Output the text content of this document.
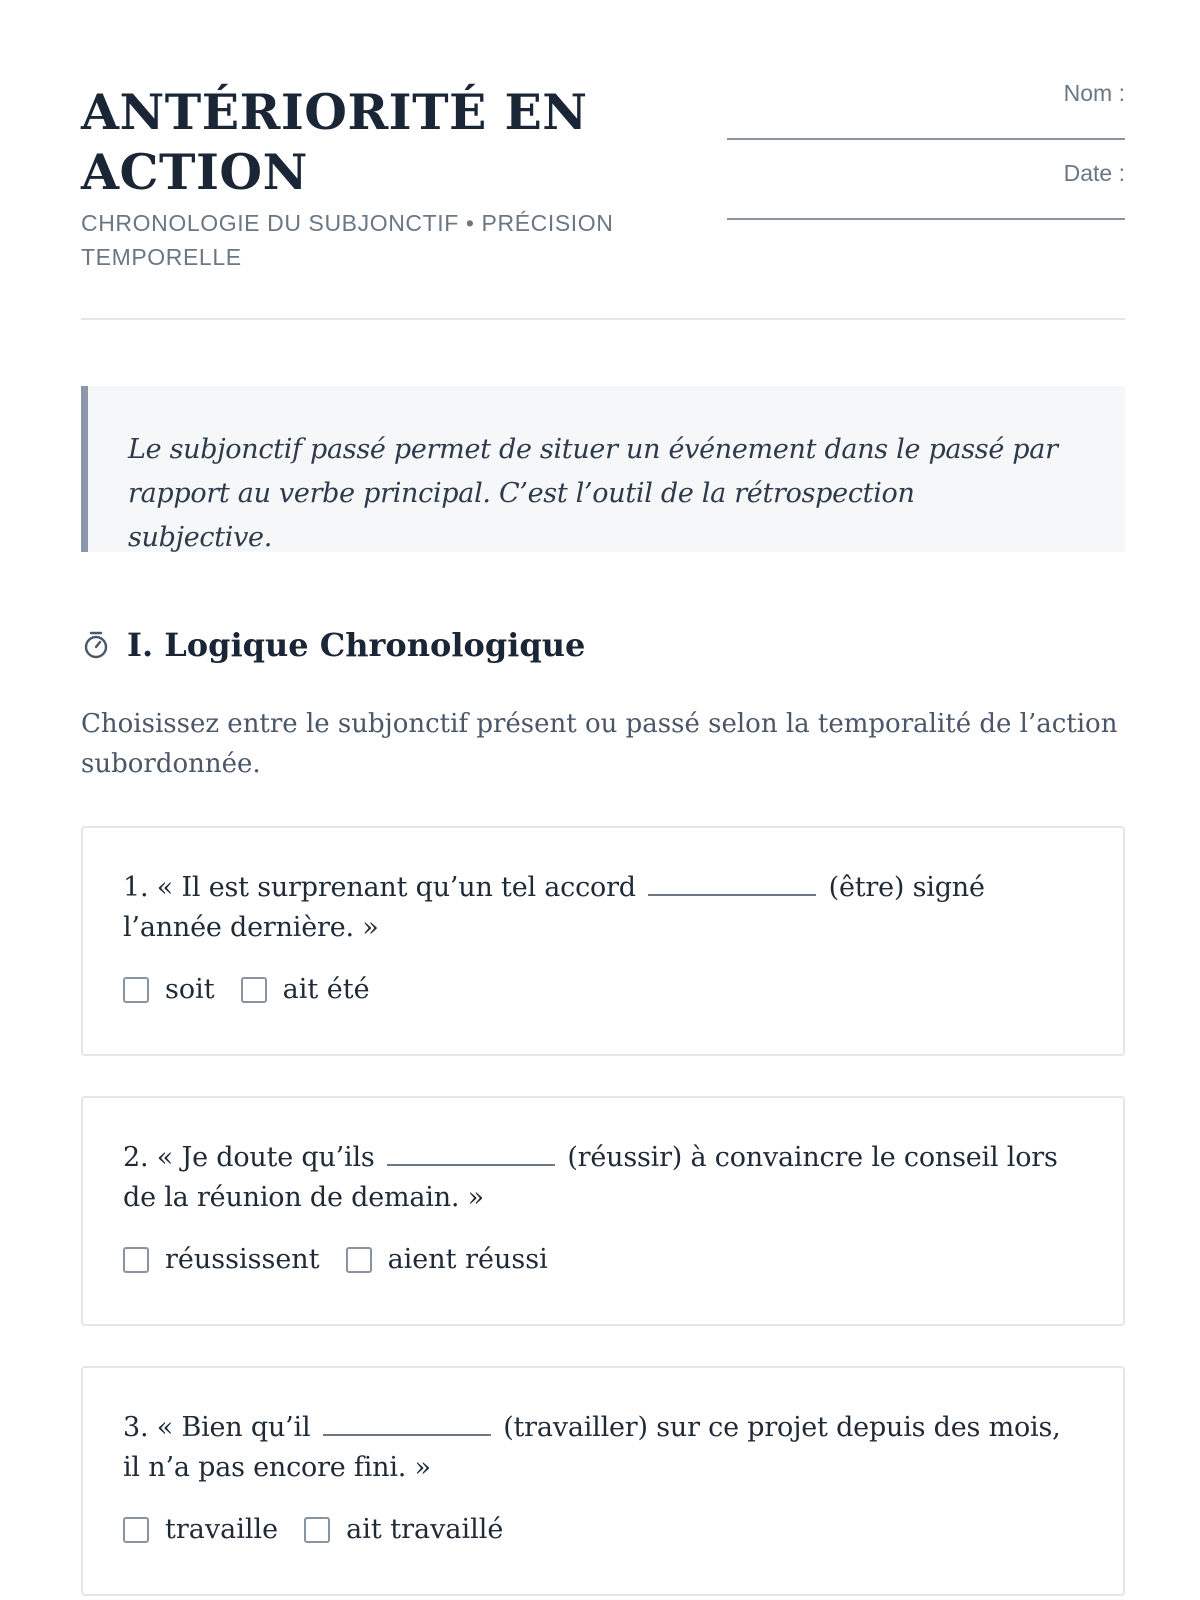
ANTÉRIORITÉ EN ACTION
CHRONOLOGIE DU SUBJONCTIF • PRÉCISION TEMPORELLE
Nom :
Date :

Le subjonctif passé permet de situer un événement dans le passé par rapport au verbe principal. C’est l’outil de la rétrospection subjective.

I. Logique Chronologique

Choisissez entre le subjonctif présent ou passé selon la temporalité de l’action subordonnée.

1. « Il est surprenant qu’un tel accord	(être) signé l’année dernière. »

soit	ait été

2. « Je doute qu’ils	(réussir) à convaincre le conseil lors de la réunion de demain. »

réussissent	aient réussi

3. « Bien qu’il	(travailler) sur ce projet depuis des mois, il n’a pas encore fini. »

travaille	ait travaillé
